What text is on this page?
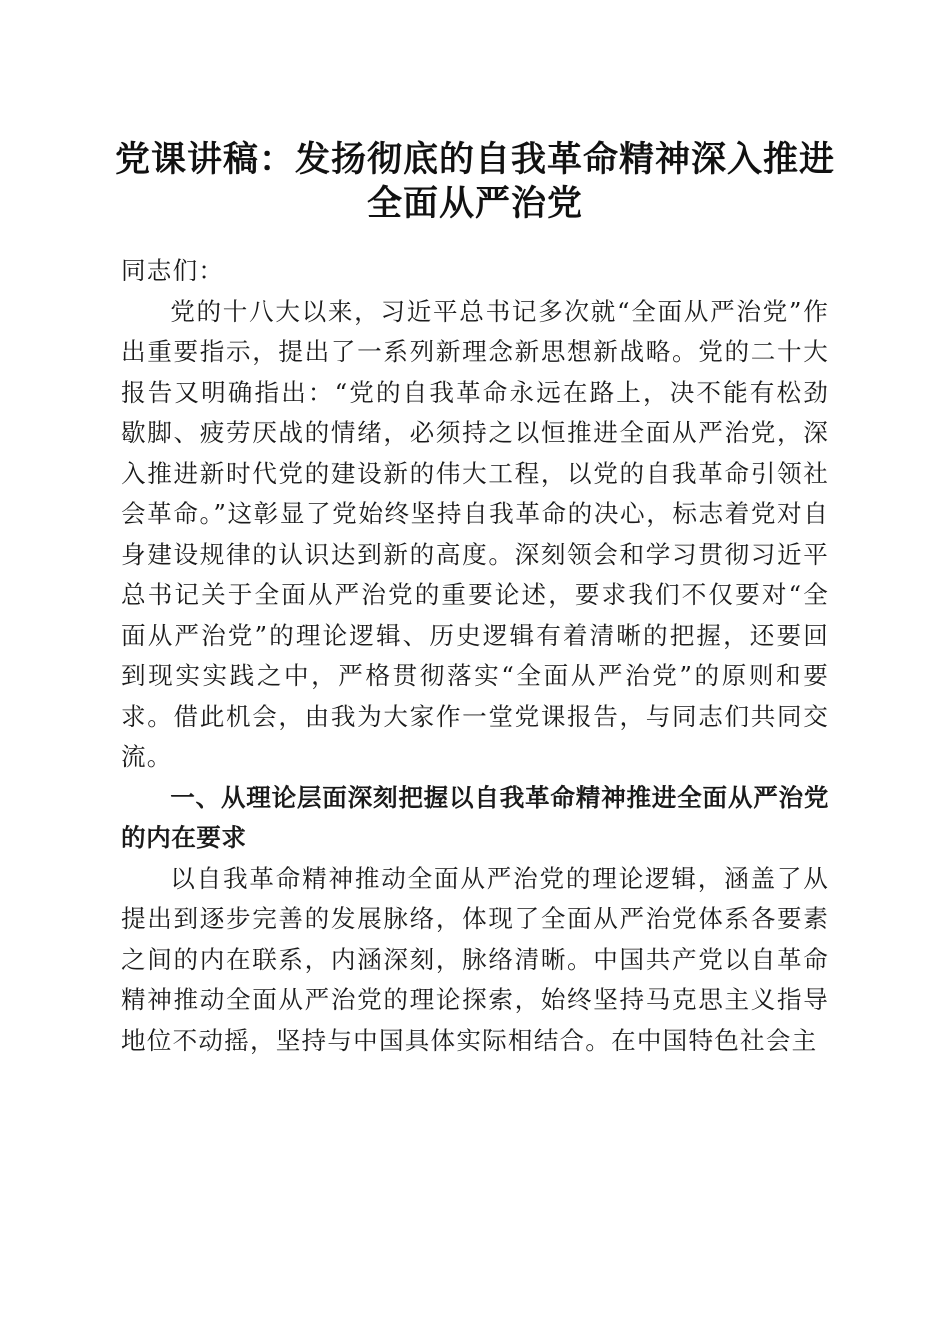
党课讲稿：发扬彻底的自我革命精神深入推进
全面从严治党

同志们：

党的十八大以来，习近平总书记多次就“全面从严治党”作出重要指示，提出了一系列新理念新思想新战略。党的二十大报告又明确指出：“党的自我革命永远在路上，决不能有松劲歇脚、疲劳厌战的情绪，必须持之以恒推进全面从严治党，深入推进新时代党的建设新的伟大工程，以党的自我革命引领社会革命。”这彰显了党始终坚持自我革命的决心，标志着党对自身建设规律的认识达到新的高度。深刻领会和学习贯彻习近平总书记关于全面从严治党的重要论述，要求我们不仅要对“全面从严治党”的理论逻辑、历史逻辑有着清晰的把握，还要回到现实实践之中，严格贯彻落实“全面从严治党”的原则和要求。借此机会，由我为大家作一堂党课报告，与同志们共同交流。

一、从理论层面深刻把握以自我革命精神推进全面从严治党的内在要求

以自我革命精神推动全面从严治党的理论逻辑，涵盖了从提出到逐步完善的发展脉络，体现了全面从严治党体系各要素之间的内在联系，内涵深刻，脉络清晰。中国共产党以自革命精神推动全面从严治党的理论探索，始终坚持马克思主义指导地位不动摇，坚持与中国具体实际相结合。在中国特色社会主
